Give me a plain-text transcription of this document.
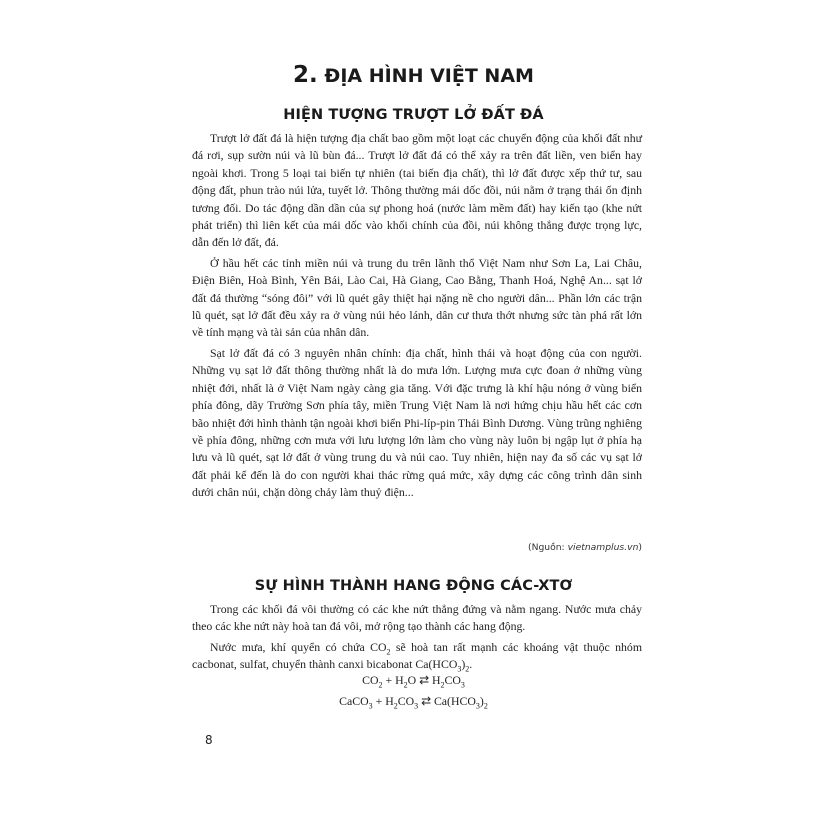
2. ĐỊA HÌNH VIỆT NAM
HIỆN TƯỢNG TRƯỢT LỞ ĐẤT ĐÁ

Trượt lở đất đá là hiện tượng địa chất bao gồm một loạt các chuyển động của khối đất như đá rơi, sụp sườn núi và lũ bùn đá... Trượt lở đất đá có thể xảy ra trên đất liền, ven biển hay ngoài khơi. Trong 5 loại tai biến tự nhiên (tai biến địa chất), thì lở đất được xếp thứ tư, sau động đất, phun trào núi lửa, tuyết lở. Thông thường mái dốc đồi, núi nằm ở trạng thái ổn định tương đối. Do tác động dần dần của sự phong hoá (nước làm mềm đất) hay kiến tạo (khe nứt phát triển) thì liên kết của mái dốc vào khối chính của đồi, núi không thắng được trọng lực, dẫn đến lở đất, đá.

Ở hầu hết các tỉnh miền núi và trung du trên lãnh thổ Việt Nam như Sơn La, Lai Châu, Điện Biên, Hoà Bình, Yên Bái, Lào Cai, Hà Giang, Cao Bằng, Thanh Hoá, Nghệ An... sạt lở đất đá thường “sóng đôi” với lũ quét gây thiệt hại nặng nề cho người dân... Phần lớn các trận lũ quét, sạt lở đất đều xảy ra ở vùng núi hẻo lánh, dân cư thưa thớt nhưng sức tàn phá rất lớn về tính mạng và tài sản của nhân dân.

Sạt lở đất đá có 3 nguyên nhân chính: địa chất, hình thái và hoạt động của con người. Những vụ sạt lở đất thông thường nhất là do mưa lớn. Lượng mưa cực đoan ở những vùng nhiệt đới, nhất là ở Việt Nam ngày càng gia tăng. Với đặc trưng là khí hậu nóng ở vùng biển phía đông, dãy Trường Sơn phía tây, miền Trung Việt Nam là nơi hứng chịu hầu hết các cơn bão nhiệt đới hình thành tận ngoài khơi biển Phi-líp-pin Thái Bình Dương. Vùng trũng nghiêng về phía đông, những cơn mưa với lưu lượng lớn làm cho vùng này luôn bị ngập lụt ở phía hạ lưu và lũ quét, sạt lở đất ở vùng trung du và núi cao. Tuy nhiên, hiện nay đa số các vụ sạt lở đất phải kể đến là do con người khai thác rừng quá mức, xây dựng các công trình dân sinh dưới chân núi, chặn dòng chảy làm thuỷ điện...

(Nguồn: vietnamplus.vn)
SỰ HÌNH THÀNH HANG ĐỘNG CÁC-XTƠ

Trong các khối đá vôi thường có các khe nứt thẳng đứng và nằm ngang. Nước mưa chảy theo các khe nứt này hoà tan đá vôi, mở rộng tạo thành các hang động.

Nước mưa, khí quyển có chứa $CO_2$ sẽ hoà tan rất mạnh các khoáng vật thuộc nhóm cacbonat, sulfat, chuyển thành canxi bicabonat $Ca(HCO_3)_2$.

$CO_2 + H_2O$ ⇄ $H_2CO_3$
CaCO$_3$ + $H_2CO_3$ ⇄ $Ca(HCO_3)_2$
8
